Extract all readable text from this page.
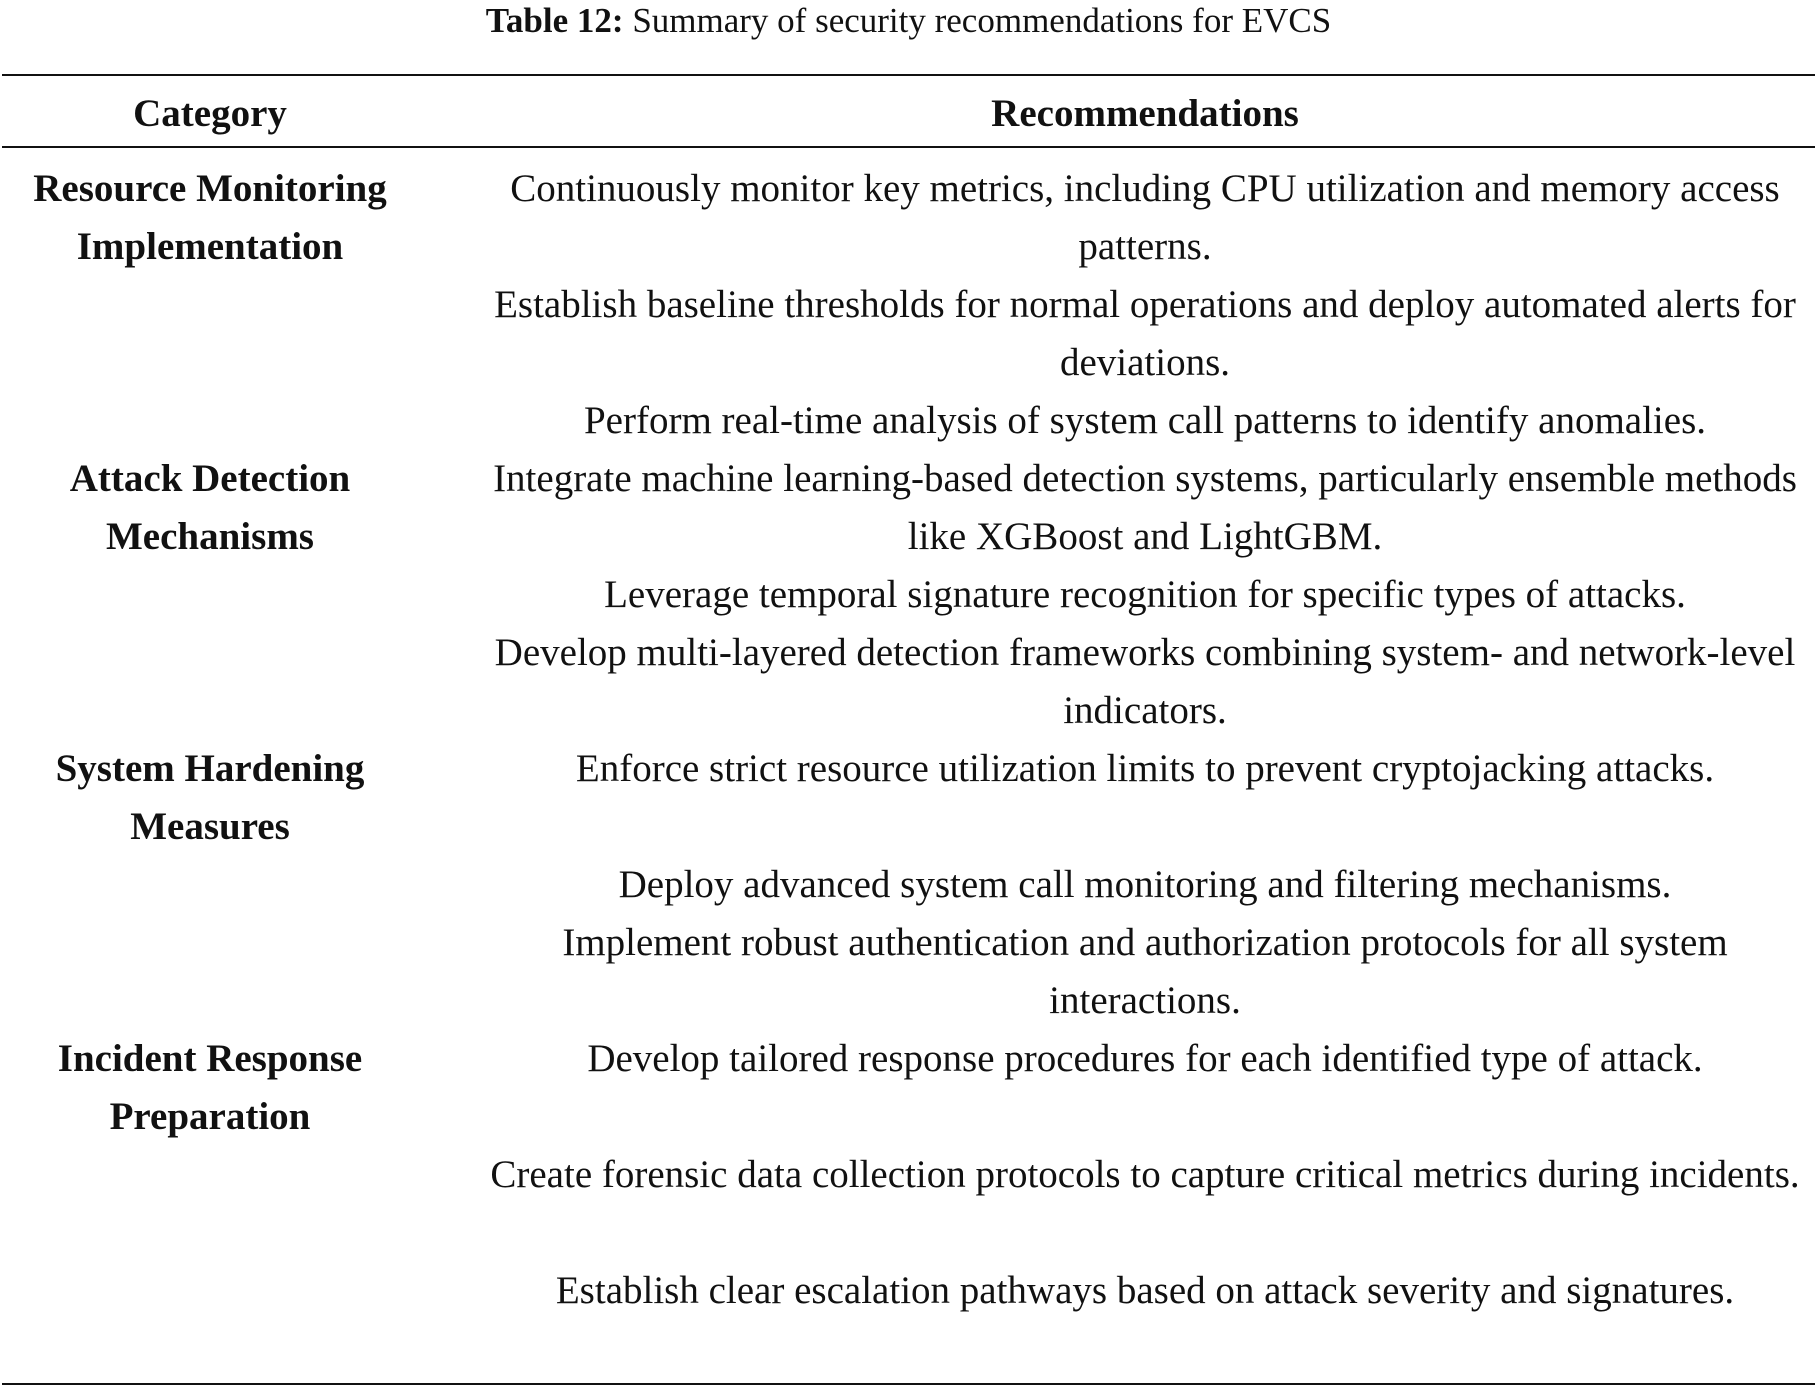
Table 12: Summary of security recommendations for EVCS
Category	Recommendations
Resource Monitoring Implementation
Attack Detection Mechanisms
System Hardening Measures
Incident Response Preparation
Continuously monitor key metrics, including CPU utilization and memory access patterns.
Establish baseline thresholds for normal operations and deploy automated alerts for deviations.
Perform real-time analysis of system call patterns to identify anomalies.
Integrate machine learning-based detection systems, particularly ensemble methods like XGBoost and LightGBM.
Leverage temporal signature recognition for specific types of attacks.
Develop multi-layered detection frameworks combining system- and network-level indicators.
Enforce strict resource utilization limits to prevent cryptojacking attacks.
Deploy advanced system call monitoring and filtering mechanisms.
Implement robust authentication and authorization protocols for all system interactions.
Develop tailored response procedures for each identified type of attack.
Create forensic data collection protocols to capture critical metrics during incidents.
Establish clear escalation pathways based on attack severity and signatures.
